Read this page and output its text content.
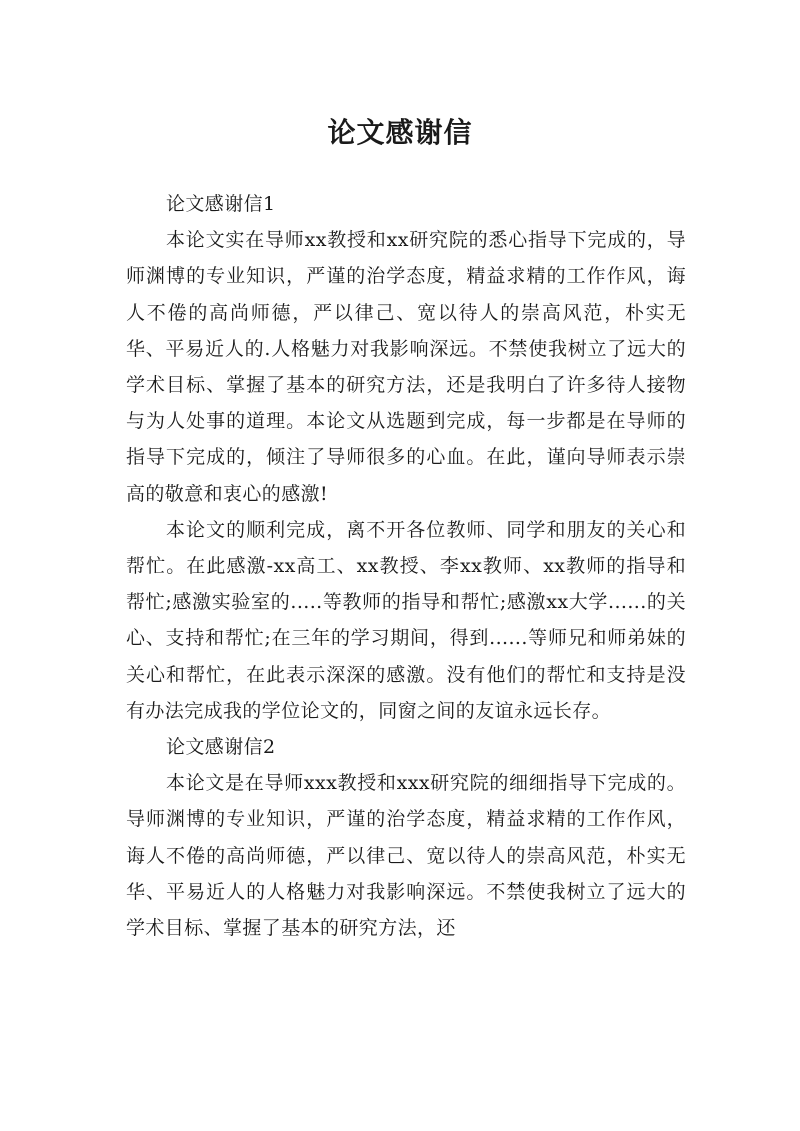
论文感谢信

论文感谢信1

本论文实在导师xx教授和xx研究院的悉心指导下完成的，导师渊博的专业知识，严谨的治学态度，精益求精的工作作风，诲人不倦的高尚师德，严以律己、宽以待人的崇高风范，朴实无华、平易近人的.人格魅力对我影响深远。不禁使我树立了远大的学术目标、掌握了基本的研究方法，还是我明白了许多待人接物与为人处事的道理。本论文从选题到完成，每一步都是在导师的指导下完成的，倾注了导师很多的心血。在此，谨向导师表示崇高的敬意和衷心的感激!

本论文的顺利完成，离不开各位教师、同学和朋友的关心和帮忙。在此感激-xx高工、xx教授、李xx教师、xx教师的指导和帮忙;感激实验室的.....等教师的指导和帮忙;感激xx大学......的关心、支持和帮忙;在三年的学习期间，得到......等师兄和师弟妹的关心和帮忙，在此表示深深的感激。没有他们的帮忙和支持是没有办法完成我的学位论文的，同窗之间的友谊永远长存。

论文感谢信2

本论文是在导师xxx教授和xxx研究院的细细指导下完成的。导师渊博的专业知识，严谨的治学态度，精益求精的工作作风，诲人不倦的高尚师德，严以律己、宽以待人的崇高风范，朴实无华、平易近人的人格魅力对我影响深远。不禁使我树立了远大的学术目标、掌握了基本的研究方法，还
